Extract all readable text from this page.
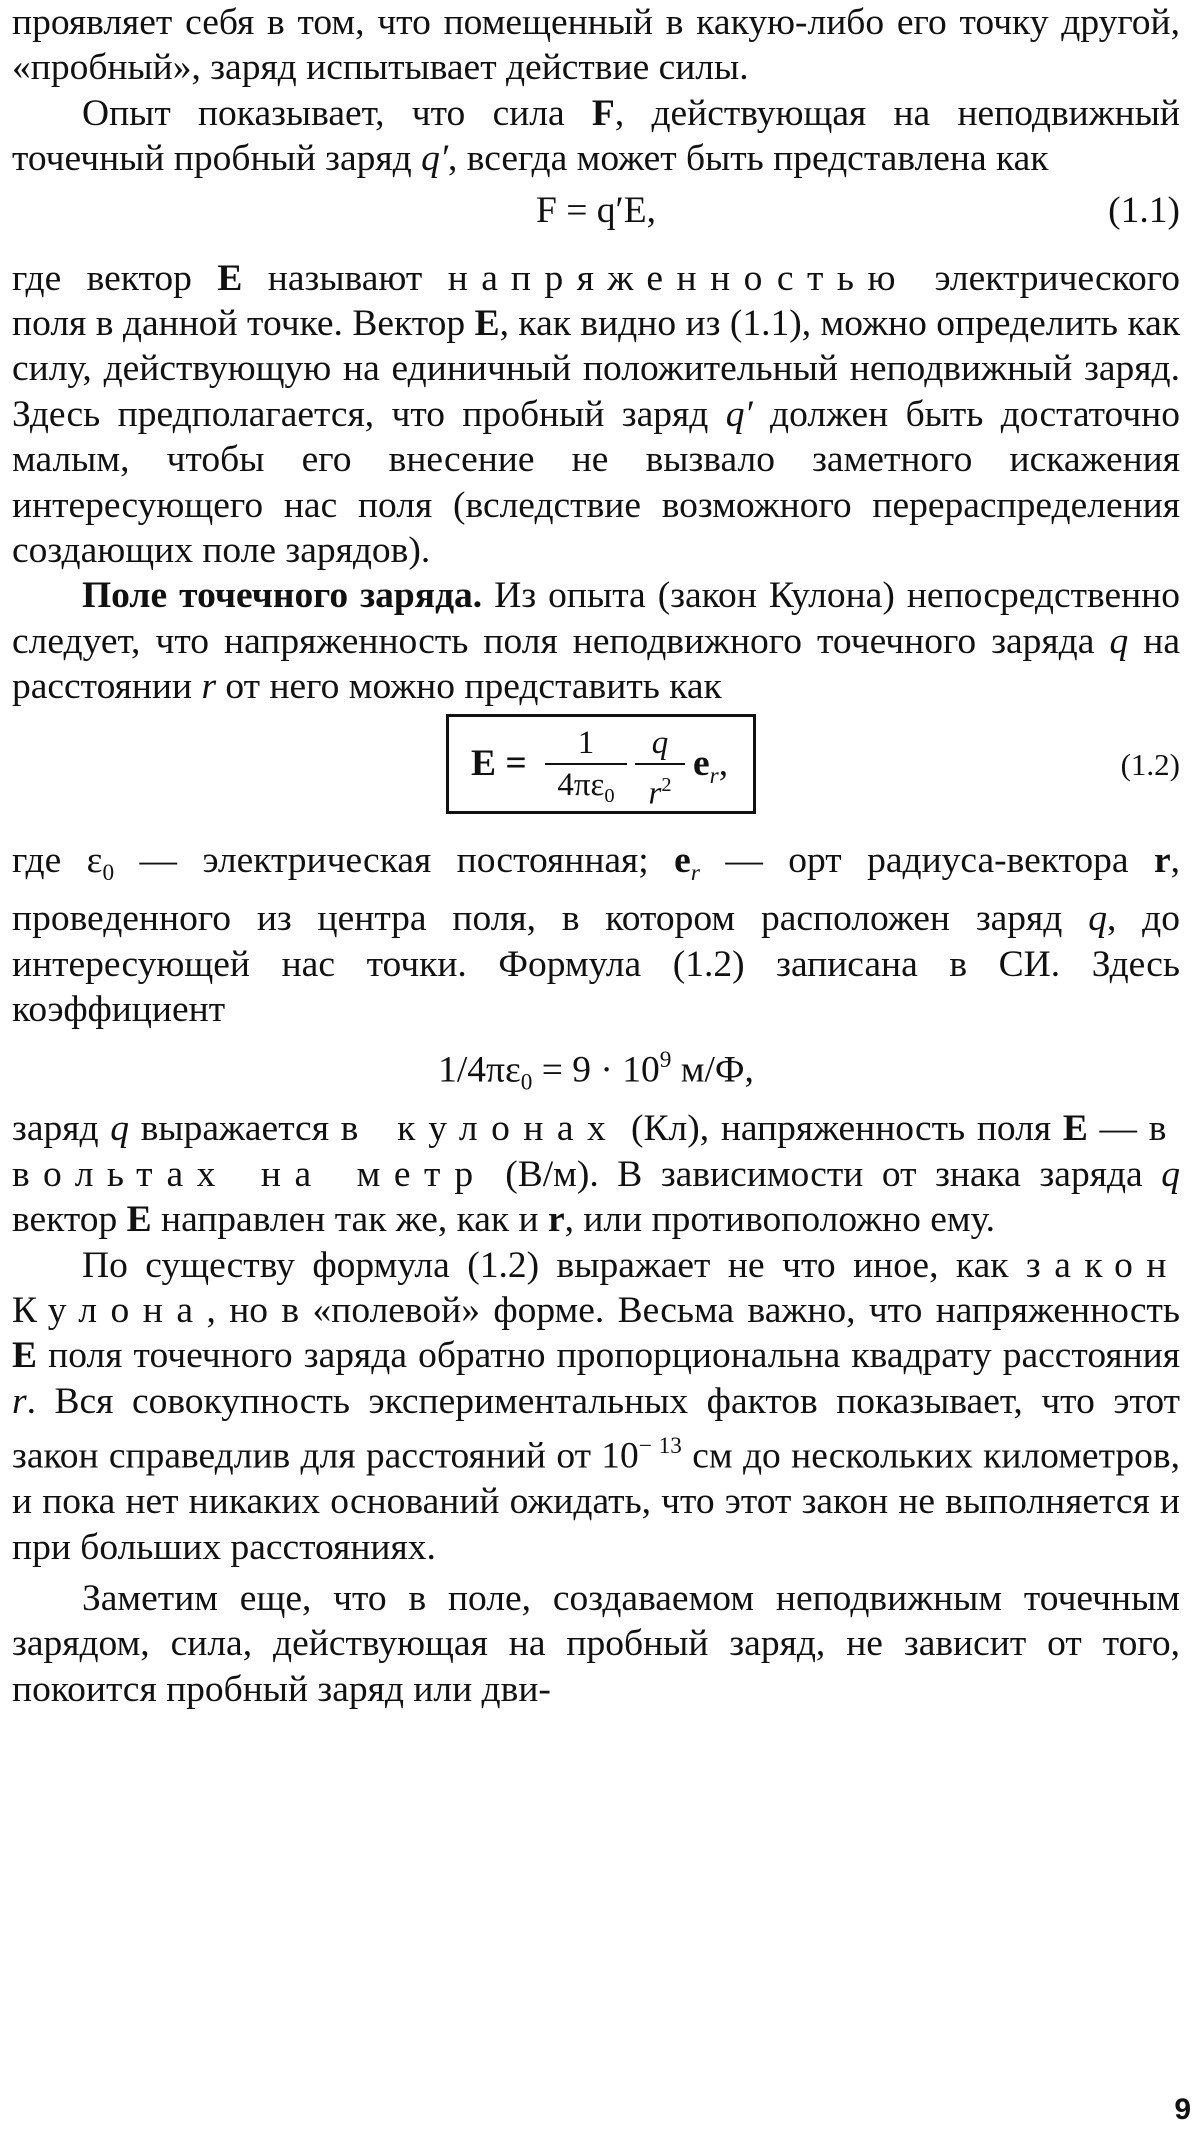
проявляет себя в том, что помещенный в какую-либо его точку другой, «пробный», заряд испытывает действие силы.

Опыт показывает, что сила F, действующая на неподвижный точечный пробный заряд q′, всегда может быть представлена как

F = q′E,	(1.1)

где вектор E называют напряженностью электрического поля в данной точке. Вектор E, как видно из (1.1), можно определить как силу, действующую на единичный положительный неподвижный заряд. Здесь предполагается, что пробный заряд q′ должен быть достаточно малым, чтобы его внесение не вызвало заметного искажения интересующего нас поля (вследствие возможного перераспределения создающих поле зарядов).

Поле точечного заряда. Из опыта (закон Кулона) непосредственно следует, что напряженность поля неподвижного точечного заряда q на расстоянии r от него можно представить как

E =	1
$4\pi\varepsilon_0$
q
$r^2$
$e_r$,	(1.2)

где $\varepsilon_0$ — электрическая постоянная; $e_r$ — орт радиуса-вектора r, проведенного из центра поля, в котором расположен заряд q, до интересующей нас точки. Формула (1.2) записана в СИ. Здесь коэффициент

$1/4\pi\varepsilon_0 = 9 \cdot 10^9$ м/Ф,

заряд q выражается в кулонах (Кл), напряженность поля E — в вольтах на метр (В/м). В зависимости от знака заряда q вектор E направлен так же, как и r, или противоположно ему.

По существу формула (1.2) выражает не что иное, как закон Кулона, но в «полевой» форме. Весьма важно, что напряженность E поля точечного заряда обратно пропорциональна квадрату расстояния r. Вся совокупность экспериментальных фактов показывает, что этот закон справедлив для расстояний от $10^{- 13}$ см до нескольких километров, и пока нет никаких оснований ожидать, что этот закон не выполняется и при больших расстояниях.

Заметим еще, что в поле, создаваемом неподвижным точечным зарядом, сила, действующая на пробный заряд, не зависит от того, покоится пробный заряд или дви-

9
